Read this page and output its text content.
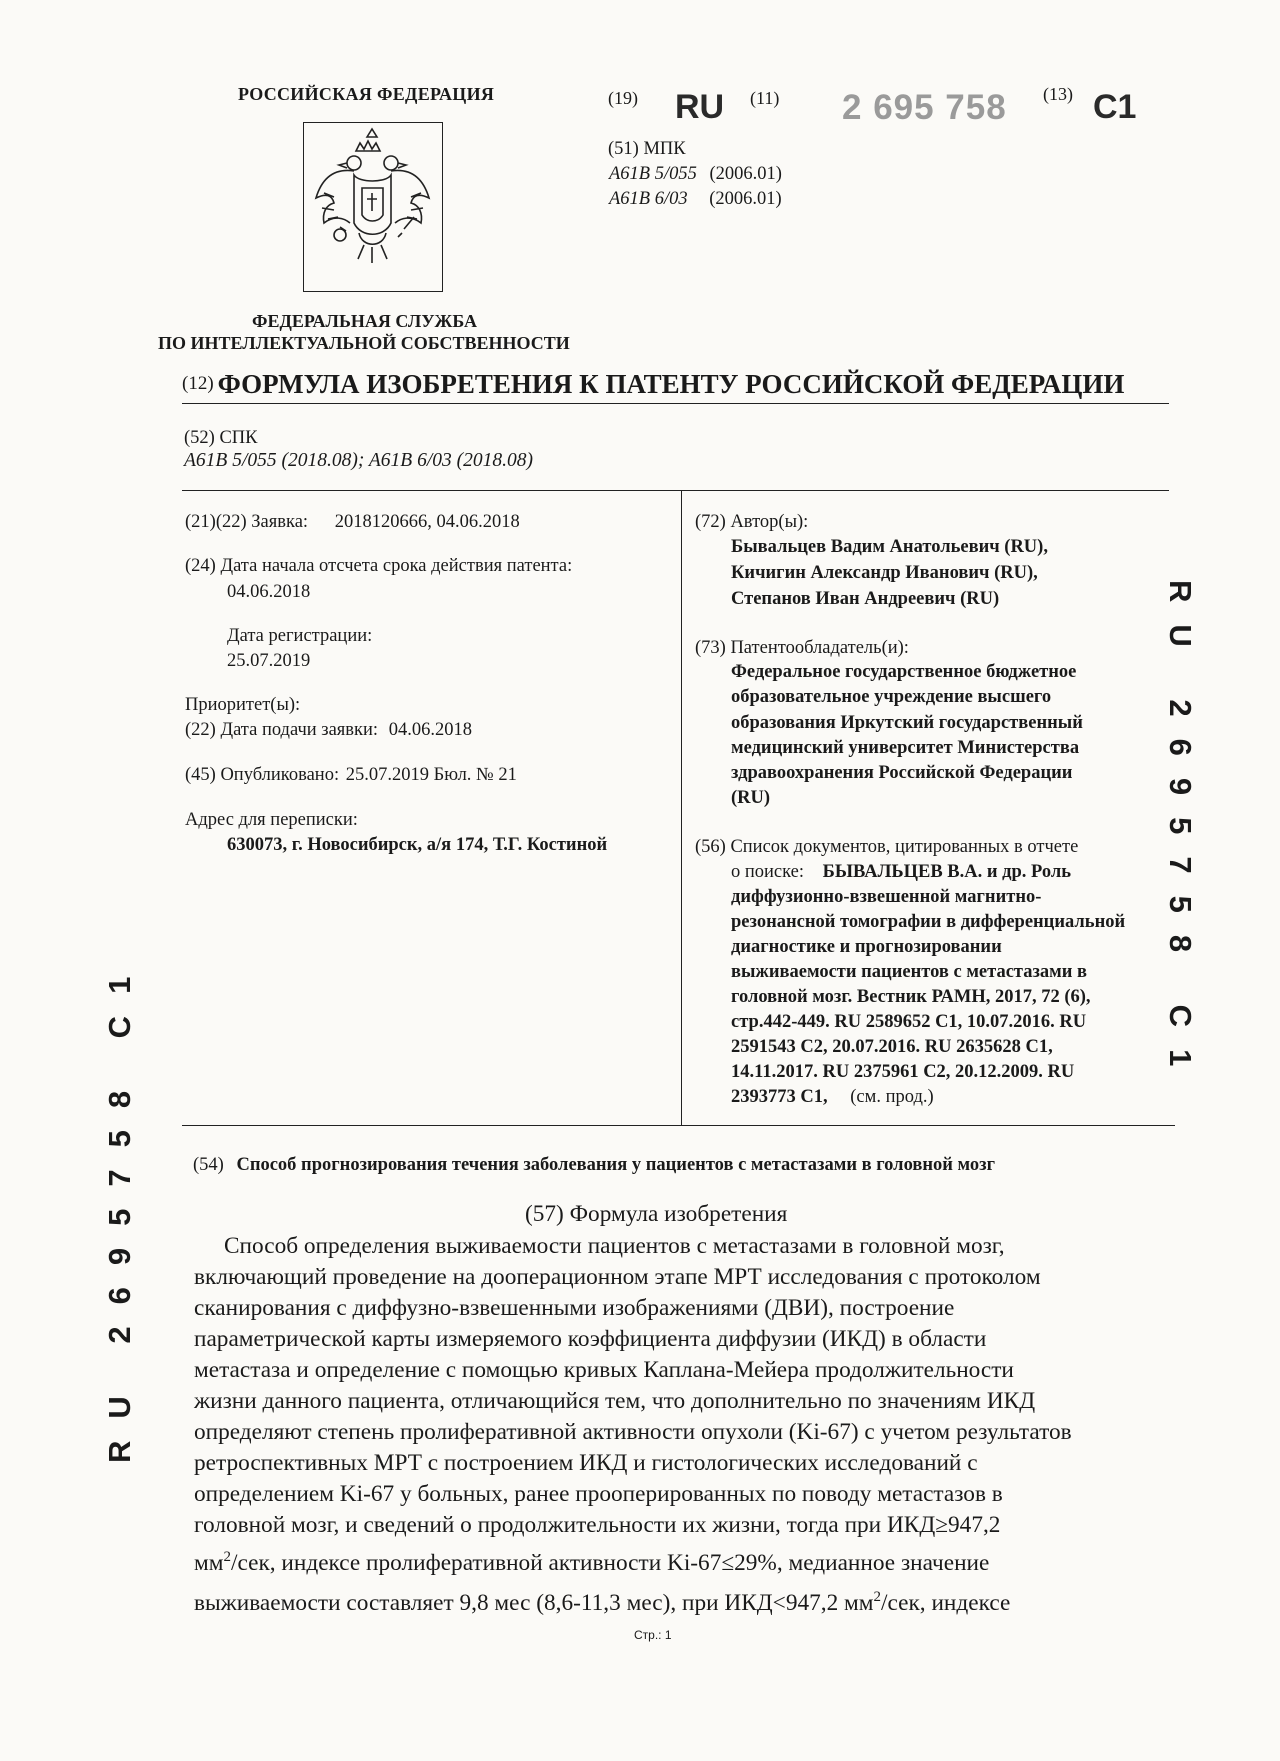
РОССИЙСКАЯ ФЕДЕРАЦИЯ
ФЕДЕРАЛЬНАЯ СЛУЖБА
ПО ИНТЕЛЛЕКТУАЛЬНОЙ СОБСТВЕННОСТИ
(19) RU (11) 2 695 758 (13) C1
(51) МПК
A61B 5/055 (2006.01)
A61B 6/03 (2006.01)
(12) ФОРМУЛА ИЗОБРЕТЕНИЯ К ПАТЕНТУ РОССИЙСКОЙ ФЕДЕРАЦИИ
(52) СПК
A61B 5/055 (2018.08); A61B 6/03 (2018.08)
(21)(22) Заявка: 2018120666, 04.06.2018
(24) Дата начала отсчета срока действия патента:
04.06.2018
Дата регистрации:
25.07.2019
Приоритет(ы):
(22) Дата подачи заявки: 04.06.2018
(45) Опубликовано: 25.07.2019 Бюл. № 21
Адрес для переписки:
630073, г. Новосибирск, а/я 174, Т.Г. Костиной
(72) Автор(ы):
Бывальцев Вадим Анатольевич (RU),
Кичигин Александр Иванович (RU),
Степанов Иван Андреевич (RU)
(73) Патентообладатель(и):
Федеральное государственное бюджетное
образовательное учреждение высшего
образования Иркутский государственный
медицинский университет Министерства
здравоохранения Российской Федерации
(RU)
(56) Список документов, цитированных в отчете
о поиске: БЫВАЛЬЦЕВ В.А. и др. Роль
диффузионно-взвешенной магнитно-
резонансной томографии в дифференциальной
диагностике и прогнозировании
выживаемости пациентов с метастазами в
головной мозг. Вестник РАМН, 2017, 72 (6),
стр.442-449. RU 2589652 C1, 10.07.2016. RU
2591543 C2, 20.07.2016. RU 2635628 C1,
14.11.2017. RU 2375961 C2, 20.12.2009. RU
2393773 C1, (см. прод.)
(54) Способ прогнозирования течения заболевания у пациентов с метастазами в головной мозг
(57) Формула изобретения
Способ определения выживаемости пациентов с метастазами в головной мозг,
включающий проведение на дооперационном этапе МРТ исследования с протоколом
сканирования с диффузно-взвешенными изображениями (ДВИ), построение
параметрической карты измеряемого коэффициента диффузии (ИКД) в области
метастаза и определение с помощью кривых Каплана-Мейера продолжительности
жизни данного пациента, отличающийся тем, что дополнительно по значениям ИКД
определяют степень пролиферативной активности опухоли (Ki-67) с учетом результатов
ретроспективных МРТ с построением ИКД и гистологических исследований с
определением Ki-67 у больных, ранее прооперированных по поводу метастазов в
головной мозг, и сведений о продолжительности их жизни, тогда при ИКД≥947,2
$мм^2$/сек, индексе пролиферативной активности Ki-67≤29%, медианное значение
выживаемости составляет 9,8 мес (8,6-11,3 мес), при ИКД<947,2 $мм^2$/сек, индексе
Стр.: 1
RU 2695758 C1
RU 2695758 C1
